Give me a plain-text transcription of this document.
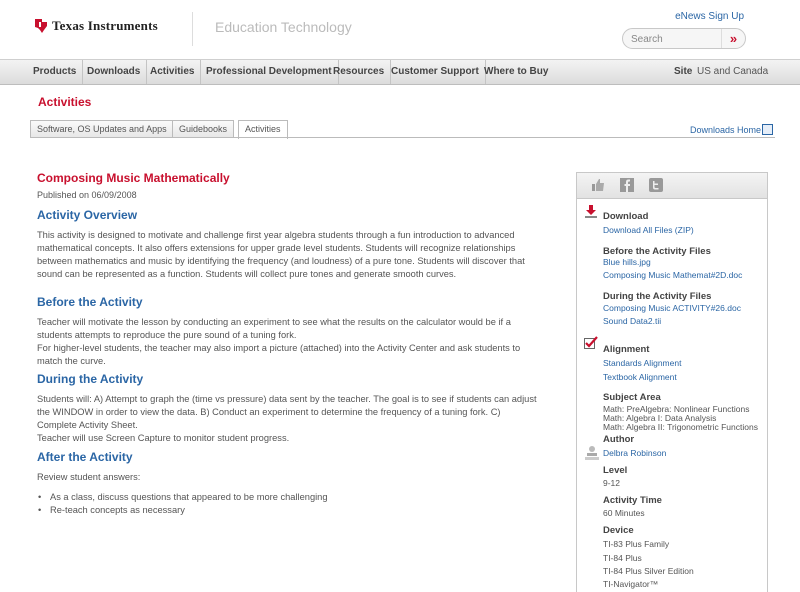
Texas Instruments	Education Technology
eNews Sign Up
Search
»
Products	Downloads Activities	Professional Development Resources Customer Support Where to Buy	Site US and Canada
Activities
Software, OS Updates and Apps	Guidebooks	Activities	Downloads Home
Composing Music Mathematically
Published on 06/09/2008
Activity Overview

This activity is designed to motivate and challenge first year algebra students through a fun introduction to advanced mathematical concepts. It also offers extensions for upper grade level students. Students will recognize relationships between mathematics and music by identifying the frequency (and loudness) of a pure tone. Students will discover that sound can be represented as a function. Students will collect pure tones and generate smooth curves.

Before the Activity

Teacher will motivate the lesson by conducting an experiment to see what the results on the calculator would be if a students attempts to reproduce the pure sound of a tuning fork.

For higher-level students, the teacher may also import a picture (attached) into the Activity Center and ask students to match the curve.

During the Activity

Students will: A) Attempt to graph the (time vs pressure) data sent by the teacher. The goal is to see if students can adjust the WINDOW in order to view the data. B) Conduct an experiment to determine the frequency of a tuning fork. C) Complete Activity Sheet.

Teacher will use Screen Capture to monitor student progress.

After the Activity

Review student answers:

• As a class, discuss questions that appeared to be more challenging
• Re-teach concepts as necessary
Download
Download All Files (ZIP)
Before the Activity Files
Blue hills.jpg
Composing Music Mathemat#2D.doc
During the Activity Files
Composing Music ACTIVITY#26.doc
Sound Data2.tii
Alignment
Standards Alignment
Textbook Alignment
Subject Area
Math: PreAlgebra: Nonlinear Functions
Math: Algebra I: Data Analysis
Math: Algebra II: Trigonometric Functions
Author
Delbra Robinson
Level
9-12
Activity Time
60 Minutes
Device
TI-83 Plus Family
TI-84 Plus
TI-84 Plus Silver Edition
TI-Navigator™
